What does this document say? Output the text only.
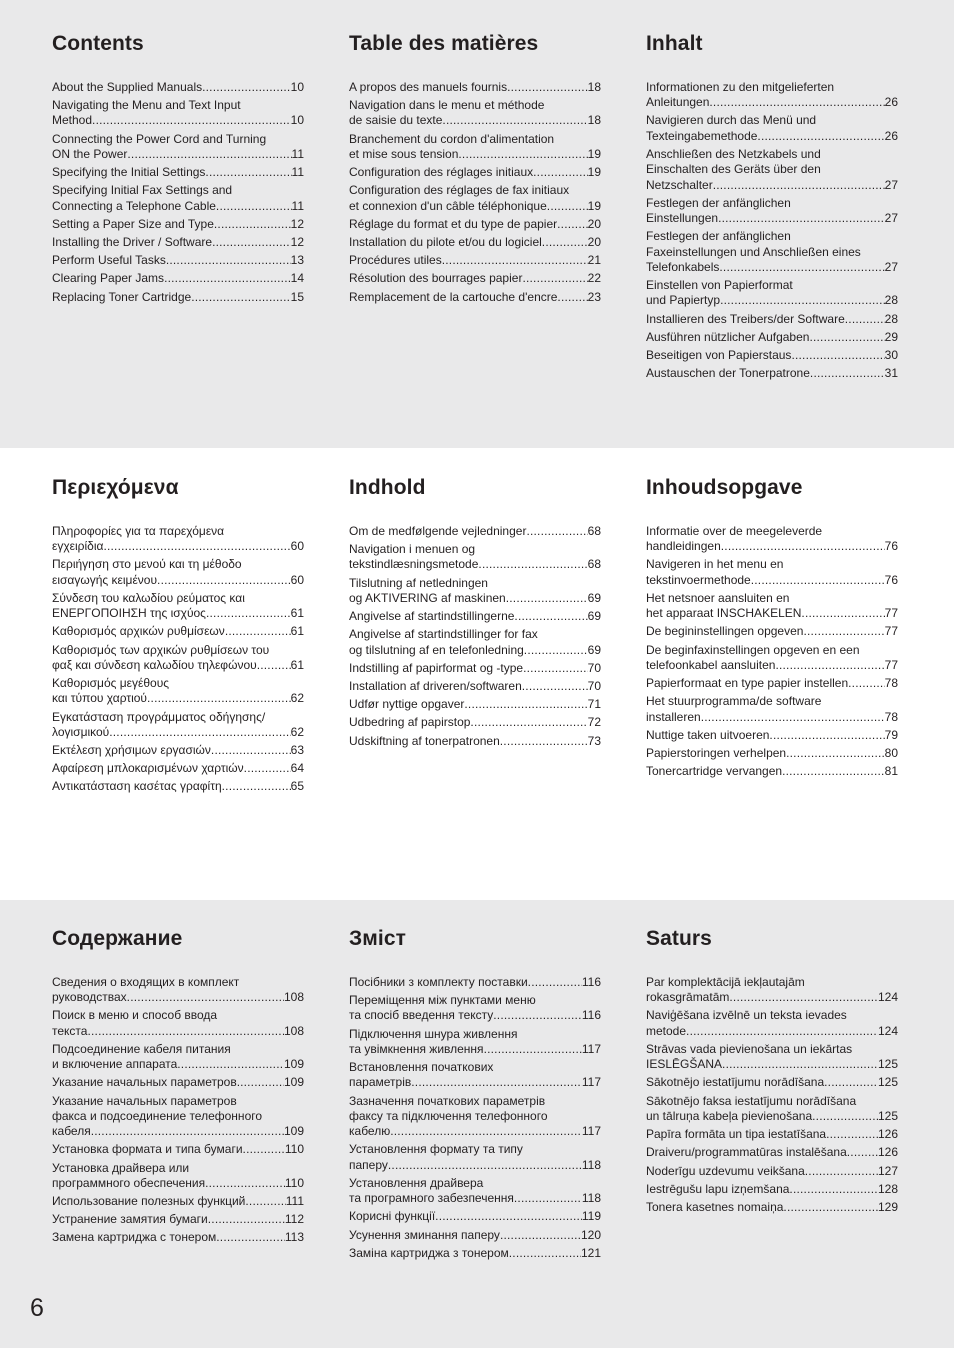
Contents
About the Supplied Manuals .....	10
Navigating the Menu and Text Input
Method .....	10
Connecting the Power Cord and Turning
ON the Power .....	11
Specifying the Initial Settings .....	11
Specifying Initial Fax Settings and
Connecting a Telephone Cable .....	11
Setting a Paper Size and Type .....	12
Installing the Driver / Software .....	12
Perform Useful Tasks .....	13
Clearing Paper Jams .....	14
Replacing Toner Cartridge .....	15
Table des matières
A propos des manuels fournis .....	18
Navigation dans le menu et méthode
de saisie du texte .....	18
Branchement du cordon d'alimentation
et mise sous tension .....	19
Configuration des réglages initiaux .....	19
Configuration des réglages de fax initiaux
et connexion d'un câble téléphonique .....	19
Réglage du format et du type de papier .....	20
Installation du pilote et/ou du logiciel .....	20
Procédures utiles .....	21
Résolution des bourrages papier .....	22
Remplacement de la cartouche d'encre .....	23
Inhalt
Informationen zu den mitgelieferten
Anleitungen .....	26
Navigieren durch das Menü und
Texteingabemethode .....	26
Anschließen des Netzkabels und
Einschalten des Geräts über den
Netzschalter .....	27
Festlegen der anfänglichen
Einstellungen .....	27
Festlegen der anfänglichen
Faxeinstellungen und Anschließen eines
Telefonkabels .....	27
Einstellen von Papierformat
und Papiertyp .....	28
Installieren des Treibers/der Software .....	28
Ausführen nützlicher Aufgaben .....	29
Beseitigen von Papierstaus .....	30
Austauschen der Tonerpatrone .....	31
Περιεχόμενα
Πληροφορίες για τα παρεχόμενα
εγχειρίδια .....	60
Περιήγηση στο μενού και τη μέθοδο
εισαγωγής κειμένου .....	60
Σύνδεση του καλωδίου ρεύματος και
ΕΝΕΡΓΟΠΟΙΗΣΗ της ισχύος .....	61
Καθορισμός αρχικών ρυθμίσεων .....	61
Καθορισμός των αρχικών ρυθμίσεων του
φαξ και σύνδεση καλωδίου τηλεφώνου .....	61
Καθορισμός μεγέθους
και τύπου χαρτιού .....	62
Εγκατάσταση προγράμματος οδήγησης/
λογισμικού .....	62
Εκτέλεση χρήσιμων εργασιών .....	63
Αφαίρεση μπλοκαρισμένων χαρτιών .....	64
Αντικατάσταση κασέτας γραφίτη .....	65
Indhold
Om de medfølgende vejledninger .....	68
Navigation i menuen og
tekstindlæsningsmetode .....	68
Tilslutning af netledningen
og AKTIVERING af maskinen .....	69
Angivelse af startindstillingerne .....	69
Angivelse af startindstillinger for fax
og tilslutning af en telefonledning .....	69
Indstilling af papirformat og -type .....	70
Installation af driveren/softwaren .....	70
Udfør nyttige opgaver .....	71
Udbedring af papirstop .....	72
Udskiftning af tonerpatronen .....	73
Inhoudsopgave
Informatie over de meegeleverde
handleidingen .....	76
Navigeren in het menu en
tekstinvoermethode .....	76
Het netsnoer aansluiten en
het apparaat INSCHAKELEN .....	77
De begininstellingen opgeven .....	77
De beginfaxinstellingen opgeven en een
telefoonkabel aansluiten .....	77
Papierformaat en type papier instellen .....	78
Het stuurprogramma/de software
installeren .....	78
Nuttige taken uitvoeren .....	79
Papierstoringen verhelpen .....	80
Tonercartridge vervangen .....	81
Содержание
Сведения о входящих в комплект
руководствах .....	108
Поиск в меню и способ ввода
текста .....	108
Подсоединение кабеля питания
и включение аппарата .....	109
Указание начальных параметров. .....	109
Указание начальных параметров
факса и подсоединение телефонного
кабеля .....	109
Установка формата и типа бумаги .....	110
Установка драйвера или
программного обеспечения .....	110
Использование полезных функций .....	111
Устранение замятия бумаги .....	112
Замена картриджа с тонером .....	113
Зміст
Посібники з комплекту поставки .....	116
Переміщення між пунктами меню
та спосіб введення тексту .....	116
Підключення шнура живлення
та увімкнення живлення .....	117
Встановлення початкових
параметрів .....	117
Зазначення початкових параметрів
факсу та підключення телефонного
кабелю .....	117
Установлення формату та типу
паперу .....	118
Установлення драйвера
та програмного забезпечення .....	118
Корисні функції .....	119
Усунення зминання паперу .....	120
Заміна картриджа з тонером .....	121
Saturs
Par komplektācijā iekļautajām
rokasgrāmatām .....	124
Naviģēšana izvēlnē un teksta ievades
metode .....	124
Strāvas vada pievienošana un iekārtas
IESLĒGŠANA .....	125
Sākotnējo iestatījumu norādīšana .....	125
Sākotnējo faksa iestatījumu norādīšana
un tālruņa kabeļa pievienošana .....	125
Papīra formāta un tipa iestatīšana .....	126
Draiveru/programmatūras instalēšana .....	126
Noderīgu uzdevumu veikšana .....	127
Iestrēgušu lapu izņemšana .....	128
Tonera kasetnes nomaiņa .....	129
6
